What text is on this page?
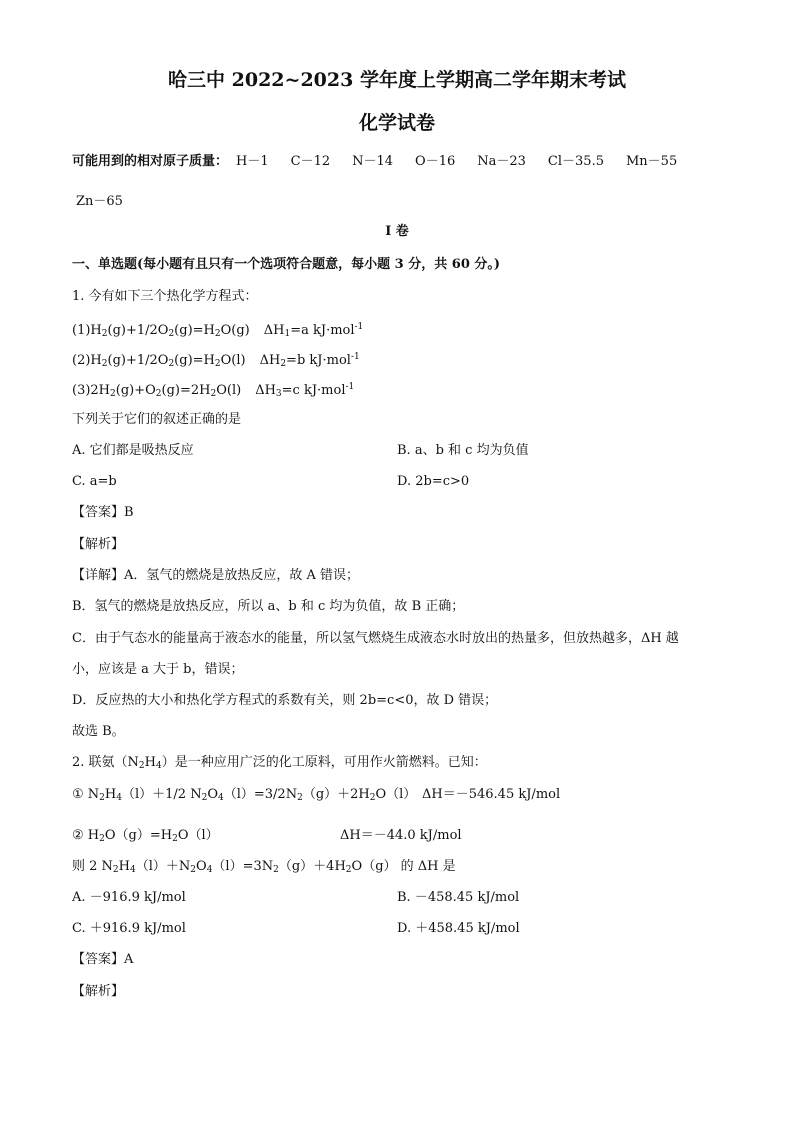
哈三中 2022~2023 学年度上学期高二学年期末考试
化学试卷
可能用到的相对原子质量： H－1 C－12 N－14 O－16 Na－23 Cl－35.5 Mn－55
Zn－65
I 卷
一、单选题(每小题有且只有一个选项符合题意，每小题 3 分，共 60 分。)
1. 今有如下三个热化学方程式：
$(1)H_2(g)+1/2O_2(g)=H_2O(g)$ $\Delta H_1=a$ kJ·mol$^{-1}$
$(2)H_2(g)+1/2O_2(g)=H_2O(l)$ $\Delta H_2=b$ kJ·mol$^{-1}$
$(3)2H_2(g)+O_2(g)=2H_2O(l)$ $\Delta H_3=c$ kJ·mol$^{-1}$
下列关于它们的叙述正确的是
A. 它们都是吸热反应	B. a、b 和 c 均为负值
C. a=b	D. 2b=c>0
【答案】B
【解析】
【详解】A．氢气的燃烧是放热反应，故 A 错误；
B．氢气的燃烧是放热反应，所以 a、b 和 c 均为负值，故 B 正确；
C．由于气态水的能量高于液态水的能量，所以氢气燃烧生成液态水时放出的热量多，但放热越多，ΔH 越
小，应该是 a 大于 b，错误；
D．反应热的大小和热化学方程式的系数有关，则 2b=c<0，故 D 错误；
故选 B。
2. 联氨$(N_2H_4)$是一种应用广泛的化工原料，可用作火箭燃料。已知：
① $N_2H_4(l)+1/2$ $N_2O_4(l)=3/2N_2(g)+2H_2O(l)$ ΔH＝－546.45 kJ/mol
② $H_2O(g)=H_2O(l)$	ΔH＝－44.0 kJ/mol
则 2 $N_2H_4(l)+N_2O_4(l)=3N_2(g)+4H_2O(g)$ 的 ΔH 是
A. －916.9 kJ/mol	B. －458.45 kJ/mol
C. ＋916.9 kJ/mol	D. ＋458.45 kJ/mol
【答案】A
【解析】
